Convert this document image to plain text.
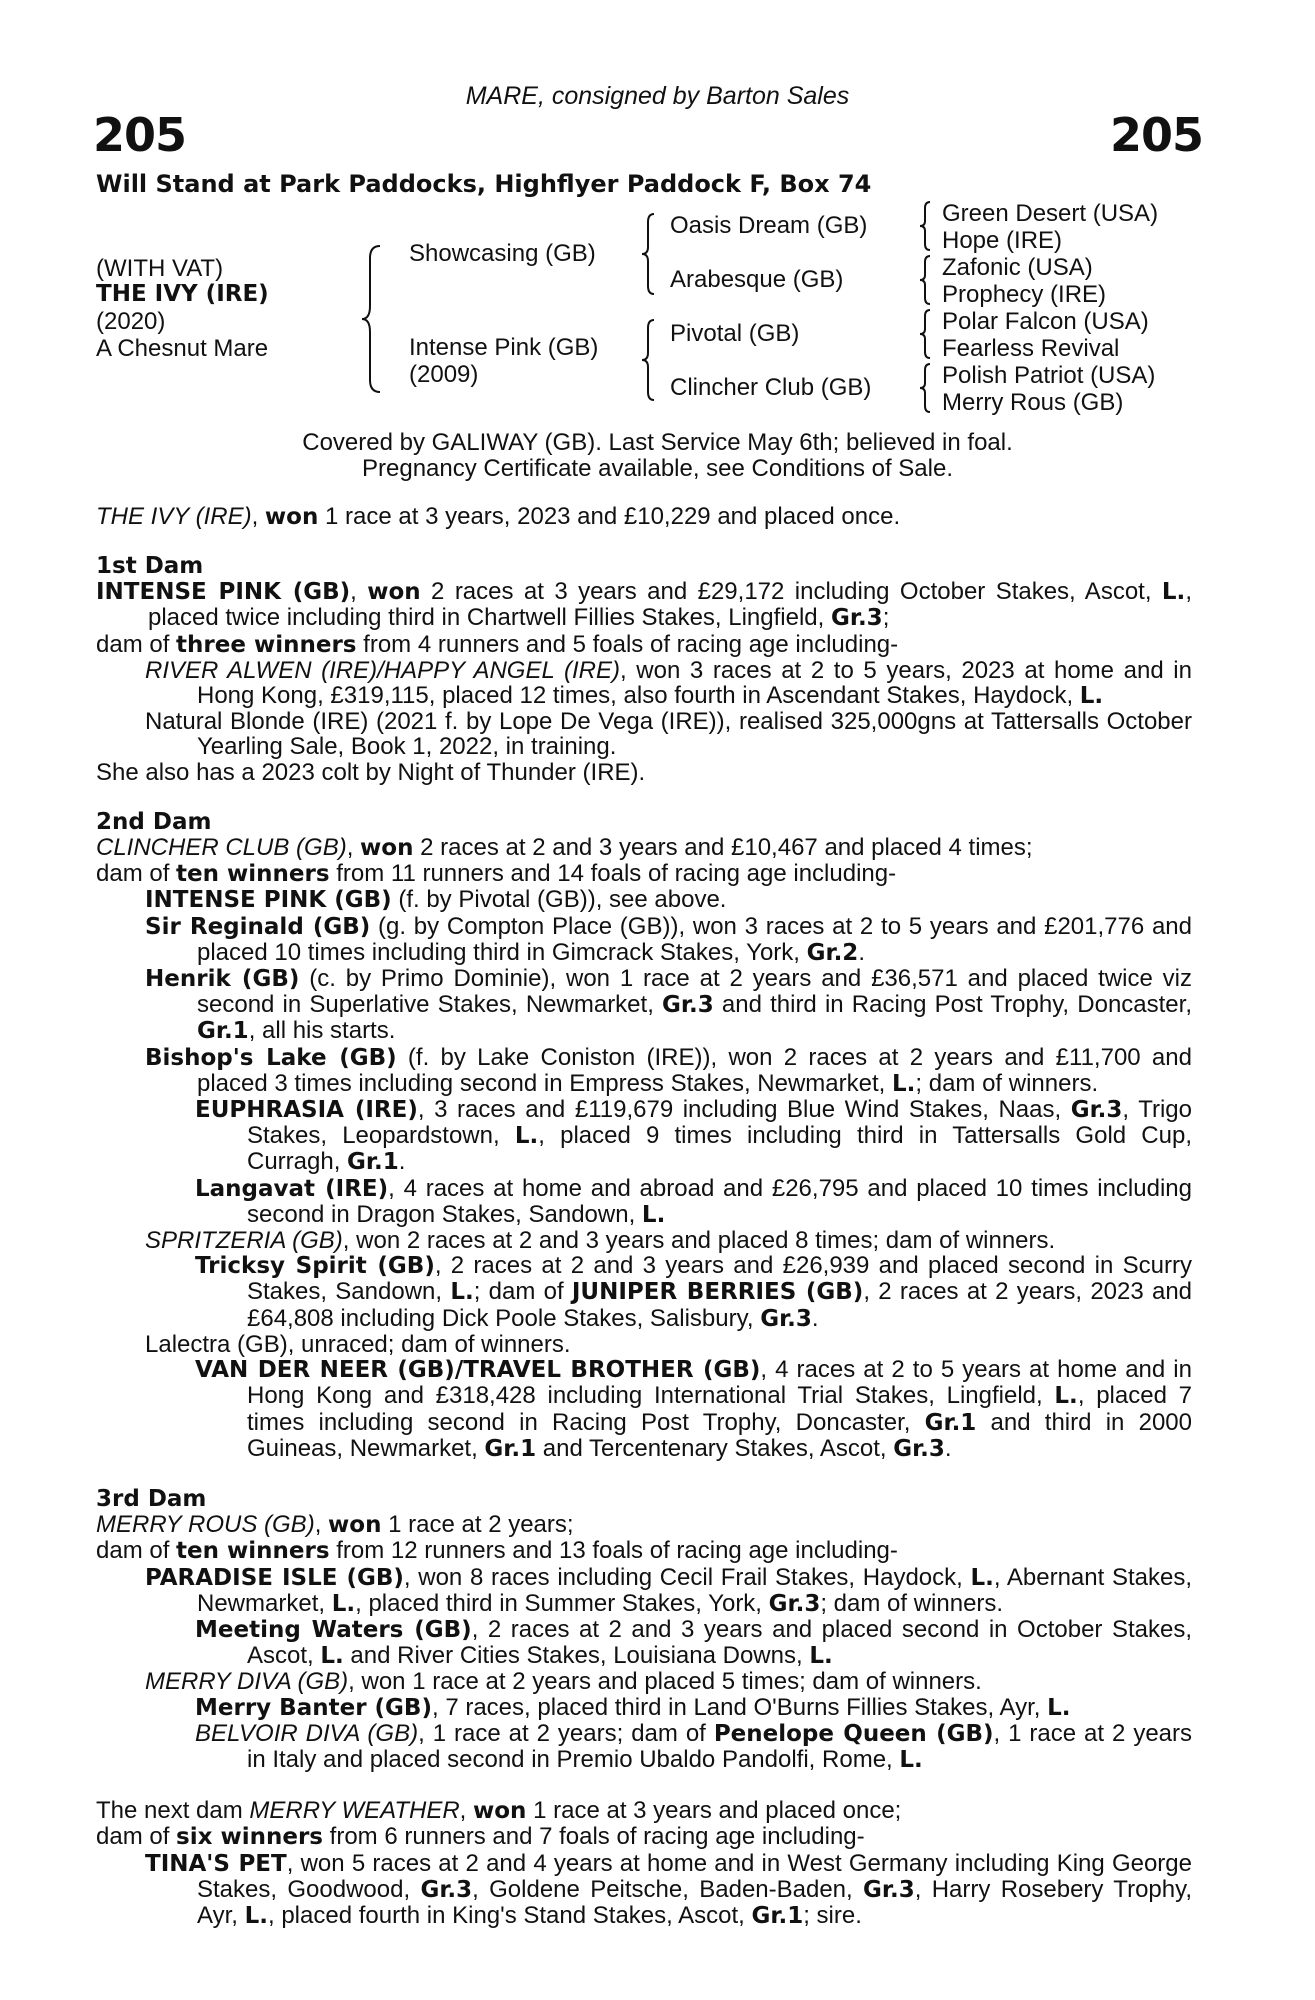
MARE, consigned by Barton Sales
205	205
Will Stand at Park Paddocks, Highflyer Paddock F, Box 74
(WITH VAT)
THE IVY (IRE)
(2020)
A Chesnut Mare
Showcasing (GB)
Intense Pink (GB)
(2009)
Oasis Dream (GB)
Arabesque (GB)
Pivotal (GB)
Clincher Club (GB)
Green Desert (USA)
Hope (IRE)
Zafonic (USA)
Prophecy (IRE)
Polar Falcon (USA)
Fearless Revival
Polish Patriot (USA)
Merry Rous (GB)
Covered by GALIWAY (GB). Last Service May 6th; believed in foal.
Pregnancy Certificate available, see Conditions of Sale.

THE IVY (IRE), won 1 race at 3 years, 2023 and £10,229 and placed once.

1st Dam

INTENSE PINK (GB), won 2 races at 3 years and £29,172 including October Stakes, Ascot, L., placed twice including third in Chartwell Fillies Stakes, Lingfield, Gr.3;

dam of three winners from 4 runners and 5 foals of racing age including-

RIVER ALWEN (IRE)/HAPPY ANGEL (IRE), won 3 races at 2 to 5 years, 2023 at home and in Hong Kong, £319,115, placed 12 times, also fourth in Ascendant Stakes, Haydock, L.

Natural Blonde (IRE) (2021 f. by Lope De Vega (IRE)), realised 325,000gns at Tattersalls October Yearling Sale, Book 1, 2022, in training.

She also has a 2023 colt by Night of Thunder (IRE).

2nd Dam

CLINCHER CLUB (GB), won 2 races at 2 and 3 years and £10,467 and placed 4 times;

dam of ten winners from 11 runners and 14 foals of racing age including-

INTENSE PINK (GB) (f. by Pivotal (GB)), see above.

Sir Reginald (GB) (g. by Compton Place (GB)), won 3 races at 2 to 5 years and £201,776 and placed 10 times including third in Gimcrack Stakes, York, Gr.2.

Henrik (GB) (c. by Primo Dominie), won 1 race at 2 years and £36,571 and placed twice viz second in Superlative Stakes, Newmarket, Gr.3 and third in Racing Post Trophy, Doncaster, Gr.1, all his starts.

Bishop's Lake (GB) (f. by Lake Coniston (IRE)), won 2 races at 2 years and £11,700 and placed 3 times including second in Empress Stakes, Newmarket, L.; dam of winners.

EUPHRASIA (IRE), 3 races and £119,679 including Blue Wind Stakes, Naas, Gr.3, Trigo Stakes, Leopardstown, L., placed 9 times including third in Tattersalls Gold Cup, Curragh, Gr.1.

Langavat (IRE), 4 races at home and abroad and £26,795 and placed 10 times including second in Dragon Stakes, Sandown, L.

SPRITZERIA (GB), won 2 races at 2 and 3 years and placed 8 times; dam of winners.

Tricksy Spirit (GB), 2 races at 2 and 3 years and £26,939 and placed second in Scurry Stakes, Sandown, L.; dam of JUNIPER BERRIES (GB), 2 races at 2 years, 2023 and £64,808 including Dick Poole Stakes, Salisbury, Gr.3.

Lalectra (GB), unraced; dam of winners.

VAN DER NEER (GB)/TRAVEL BROTHER (GB), 4 races at 2 to 5 years at home and in Hong Kong and £318,428 including International Trial Stakes, Lingfield, L., placed 7 times including second in Racing Post Trophy, Doncaster, Gr.1 and third in 2000 Guineas, Newmarket, Gr.1 and Tercentenary Stakes, Ascot, Gr.3.

3rd Dam

MERRY ROUS (GB), won 1 race at 2 years;

dam of ten winners from 12 runners and 13 foals of racing age including-

PARADISE ISLE (GB), won 8 races including Cecil Frail Stakes, Haydock, L., Abernant Stakes, Newmarket, L., placed third in Summer Stakes, York, Gr.3; dam of winners.

Meeting Waters (GB), 2 races at 2 and 3 years and placed second in October Stakes, Ascot, L. and River Cities Stakes, Louisiana Downs, L.

MERRY DIVA (GB), won 1 race at 2 years and placed 5 times; dam of winners.

Merry Banter (GB), 7 races, placed third in Land O'Burns Fillies Stakes, Ayr, L.

BELVOIR DIVA (GB), 1 race at 2 years; dam of Penelope Queen (GB), 1 race at 2 years in Italy and placed second in Premio Ubaldo Pandolfi, Rome, L.

The next dam MERRY WEATHER, won 1 race at 3 years and placed once;

dam of six winners from 6 runners and 7 foals of racing age including-

TINA'S PET, won 5 races at 2 and 4 years at home and in West Germany including King George Stakes, Goodwood, Gr.3, Goldene Peitsche, Baden-Baden, Gr.3, Harry Rosebery Trophy, Ayr, L., placed fourth in King's Stand Stakes, Ascot, Gr.1; sire.
